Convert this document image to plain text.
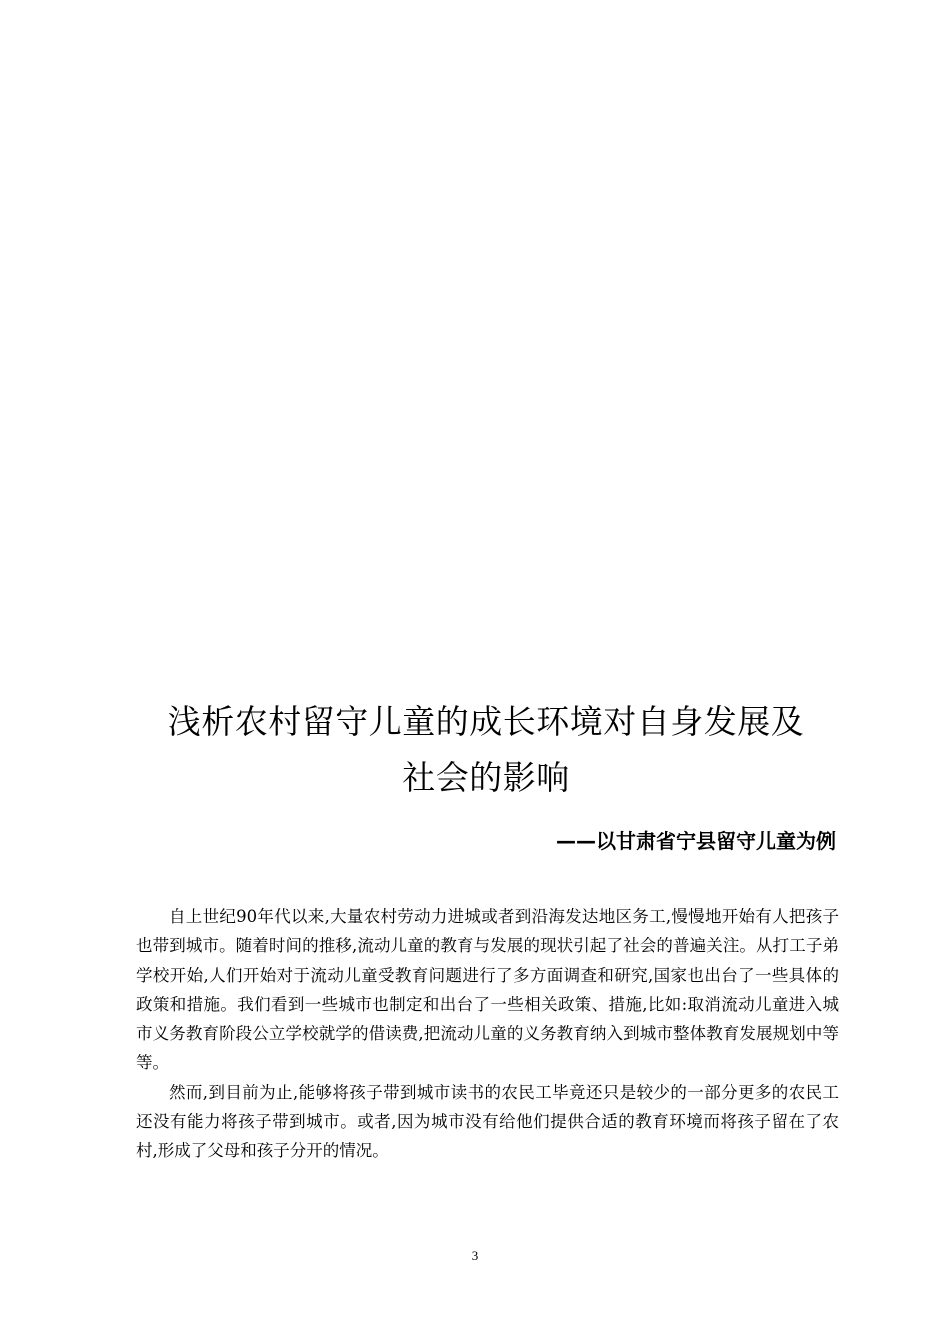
浅析农村留守儿童的成长环境对自身发展及
社会的影响
——以甘肃省宁县留守儿童为例

自上世纪90年代以来,大量农村劳动力进城或者到沿海发达地区务工,慢慢地开始有人把孩子也带到城市。随着时间的推移,流动儿童的教育与发展的现状引起了社会的普遍关注。从打工子弟学校开始,人们开始对于流动儿童受教育问题进行了多方面调查和研究,国家也出台了一些具体的政策和措施。我们看到一些城市也制定和出台了一些相关政策、措施,比如:取消流动儿童进入城市义务教育阶段公立学校就学的借读费,把流动儿童的义务教育纳入到城市整体教育发展规划中等等。

然而,到目前为止,能够将孩子带到城市读书的农民工毕竟还只是较少的一部分更多的农民工还没有能力将孩子带到城市。或者,因为城市没有给他们提供合适的教育环境而将孩子留在了农村,形成了父母和孩子分开的情况。

3
